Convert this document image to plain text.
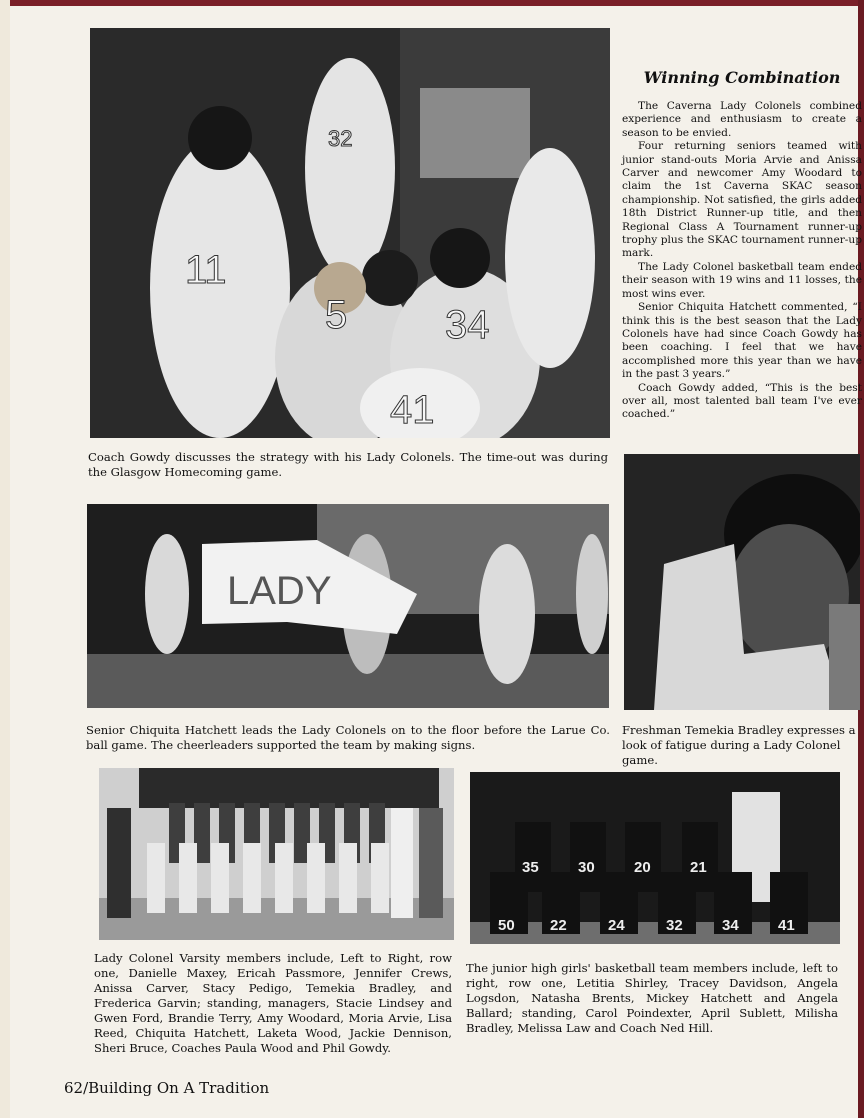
11
5 34
41
32

Coach Gowdy discusses the strategy with his Lady Colonels. The time-out was during the Glasgow Homecoming game.

Winning Combination

The Caverna Lady Colonels combined experience and enthusiasm to create a season to be envied.

Four returning seniors teamed with junior stand-outs Moria Arvie and Anissa Carver and newcomer Amy Woodard to claim the 1st Caverna SKAC season championship. Not satisfied, the girls added 18th District Runner-up title, and then Regional Class A Tournament runner-up trophy plus the SKAC tournament runner-up mark.

The Lady Colonel basketball team ended their season with 19 wins and 11 losses, the most wins ever.

Senior Chiquita Hatchett commented, “I think this is the best season that the Lady Colonels have had since Coach Gowdy has been coaching. I feel that we have accomplished more this year than we have in the past 3 years.”

Coach Gowdy added, “This is the best over all, most talented ball team I've ever coached.”

LADY

Senior Chiquita Hatchett leads the Lady Colonels on to the floor before the Larue Co. ball game. The cheerleaders supported the team by making signs.

Freshman Temekia Bradley expresses a look of fatigue during a Lady Colonel game.

Lady Colonel Varsity members include, Left to Right, row one, Danielle Maxey, Ericah Passmore, Jennifer Crews, Anissa Carver, Stacy Pedigo, Temekia Bradley, and Frederica Garvin; standing, managers, Stacie Lindsey and Gwen Ford, Brandie Terry, Amy Woodard, Moria Arvie, Lisa Reed, Chiquita Hatchett, Laketa Wood, Jackie Dennison, Sheri Bruce, Coaches Paula Wood and Phil Gowdy.

35	30	20	21
50 22	24	32	34	41

The junior high girls' basketball team members include, left to right, row one, Letitia Shirley, Tracey Davidson, Angela Logsdon, Natasha Brents, Mickey Hatchett and Angela Ballard; standing, Carol Poindexter, April Sublett, Milisha Bradley, Melissa Law and Coach Ned Hill.

62/Building On A Tradition
